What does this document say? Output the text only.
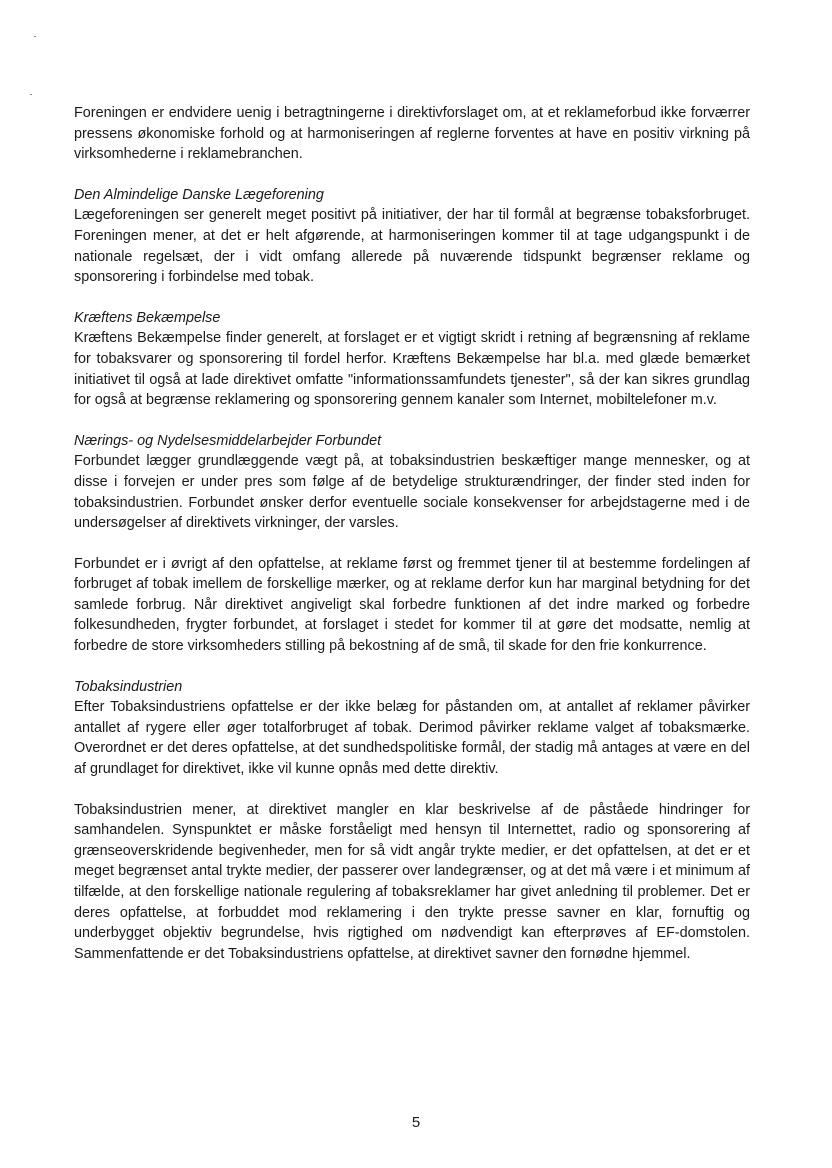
Foreningen er endvidere uenig i betragtningerne i direktivforslaget om, at et reklameforbud ikke forværrer pressens økonomiske forhold og at harmoniseringen af reglerne forventes at have en positiv virkning på virksomhederne i reklamebranchen.

Den Almindelige Danske Lægeforening

Lægeforeningen ser generelt meget positivt på initiativer, der har til formål at begrænse tobaksforbruget. Foreningen mener, at det er helt afgørende, at harmoniseringen kommer til at tage udgangspunkt i de nationale regelsæt, der i vidt omfang allerede på nuværende tidspunkt begrænser reklame og sponsorering i forbindelse med tobak.

Kræftens Bekæmpelse

Kræftens Bekæmpelse finder generelt, at forslaget er et vigtigt skridt i retning af begrænsning af reklame for tobaksvarer og sponsorering til fordel herfor. Kræftens Bekæmpelse har bl.a. med glæde bemærket initiativet til også at lade direktivet omfatte "informationssamfundets tjenester", så der kan sikres grundlag for også at begrænse reklamering og sponsorering gennem kanaler som Internet, mobiltelefoner m.v.

Nærings- og Nydelsesmiddelarbejder Forbundet

Forbundet lægger grundlæggende vægt på, at tobaksindustrien beskæftiger mange mennesker, og at disse i forvejen er under pres som følge af de betydelige strukturændringer, der finder sted inden for tobaksindustrien. Forbundet ønsker derfor eventuelle sociale konsekvenser for arbejdstagerne med i de undersøgelser af direktivets virkninger, der varsles.

Forbundet er i øvrigt af den opfattelse, at reklame først og fremmet tjener til at bestemme fordelingen af forbruget af tobak imellem de forskellige mærker, og at reklame derfor kun har marginal betydning for det samlede forbrug. Når direktivet angiveligt skal forbedre funktionen af det indre marked og forbedre folkesundheden, frygter forbundet, at forslaget i stedet for kommer til at gøre det modsatte, nemlig at forbedre de store virksomheders stilling på bekostning af de små, til skade for den frie konkurrence.

Tobaksindustrien

Efter Tobaksindustriens opfattelse er der ikke belæg for påstanden om, at antallet af reklamer påvirker antallet af rygere eller øger totalforbruget af tobak. Derimod påvirker reklame valget af tobaksmærke. Overordnet er det deres opfattelse, at det sundhedspolitiske formål, der stadig må antages at være en del af grundlaget for direktivet, ikke vil kunne opnås med dette direktiv.

Tobaksindustrien mener, at direktivet mangler en klar beskrivelse af de påståede hindringer for samhandelen. Synspunktet er måske forståeligt med hensyn til Internettet, radio og sponsorering af grænseoverskridende begivenheder, men for så vidt angår trykte medier, er det opfattelsen, at det er et meget begrænset antal trykte medier, der passerer over landegrænser, og at det må være i et minimum af tilfælde, at den forskellige nationale regulering af tobaksreklamer har givet anledning til problemer. Det er deres opfattelse, at forbuddet mod reklamering i den trykte presse savner en klar, fornuftig og underbygget objektiv begrundelse, hvis rigtighed om nødvendigt kan efterprøves af EF-domstolen. Sammenfattende er det Tobaksindustriens opfattelse, at direktivet savner den fornødne hjemmel.

5
